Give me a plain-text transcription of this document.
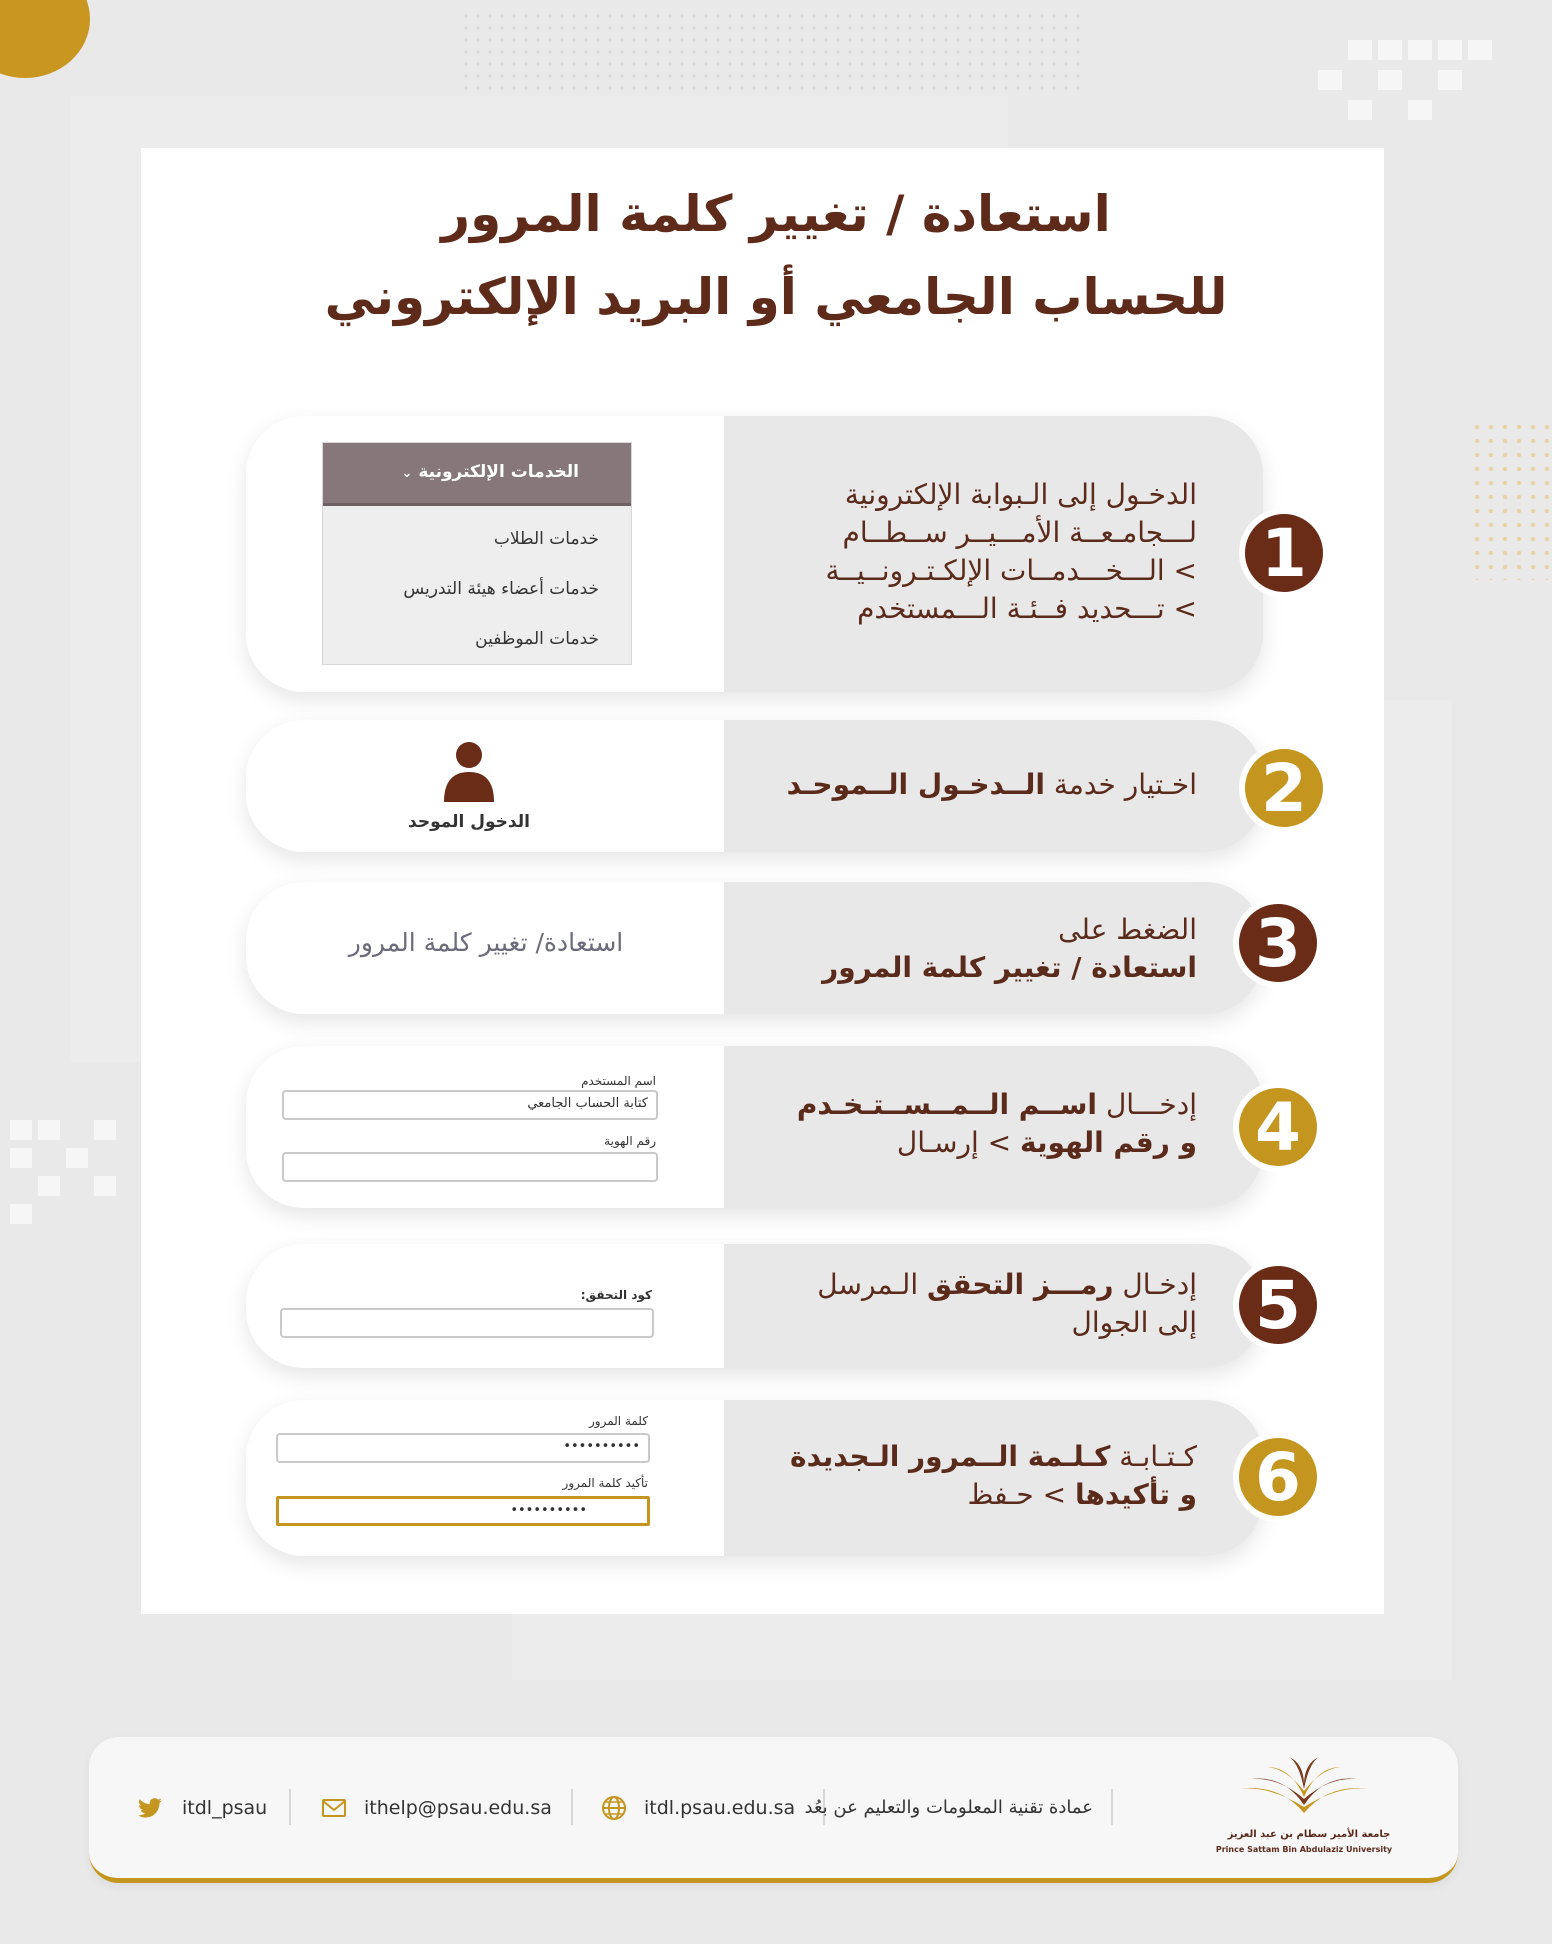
استعادة / تغيير كلمة المرور
للحساب الجامعي أو البريد الإلكتروني
الخدمات الإلكترونية ⌄
خدمات الطلاب
خدمات أعضاء هيئة التدريس
خدمات الموظفين
الدخـول إلى الـبوابة الإلكترونية
لـــجامـعــة الأمـــيــر ســطــام
> الـــخـــدمــات الإلكـتـرونــيــة
> تـــحديد فــئـة الـــمستخدم
1
الدخول الموحد
اخـتيار خدمة الــدخـول الــموحـد	2
استعادة/ تغيير كلمة المرور	الضغط على
استعادة / تغيير كلمة المرور 3
اسم المستخدم
كتابة الحساب الجامعي
رقم الهوية
إدخـــال اســم الــمــســتـخـدم
و رقم الهوية > إرسـال	4
كود التحقق:	إدخـال رمـــز التحقق الـمرسل
إلى الجوال 5
كلمة المرور
••••••••••
تأكيد كلمة المرور
••••••••••
كـتـابـة كـلـمة الــمرور الـجديدة
و تأكيدها > حـفظ	6
itdl_psau	ithelp@psau.edu.sa	itdl.psau.edu.sa عمادة تقنية المعلومات والتعليم عن بعُد
جامعة الأمير سطام بن عبد العزيز
Prince Sattam Bin Abdulaziz University
